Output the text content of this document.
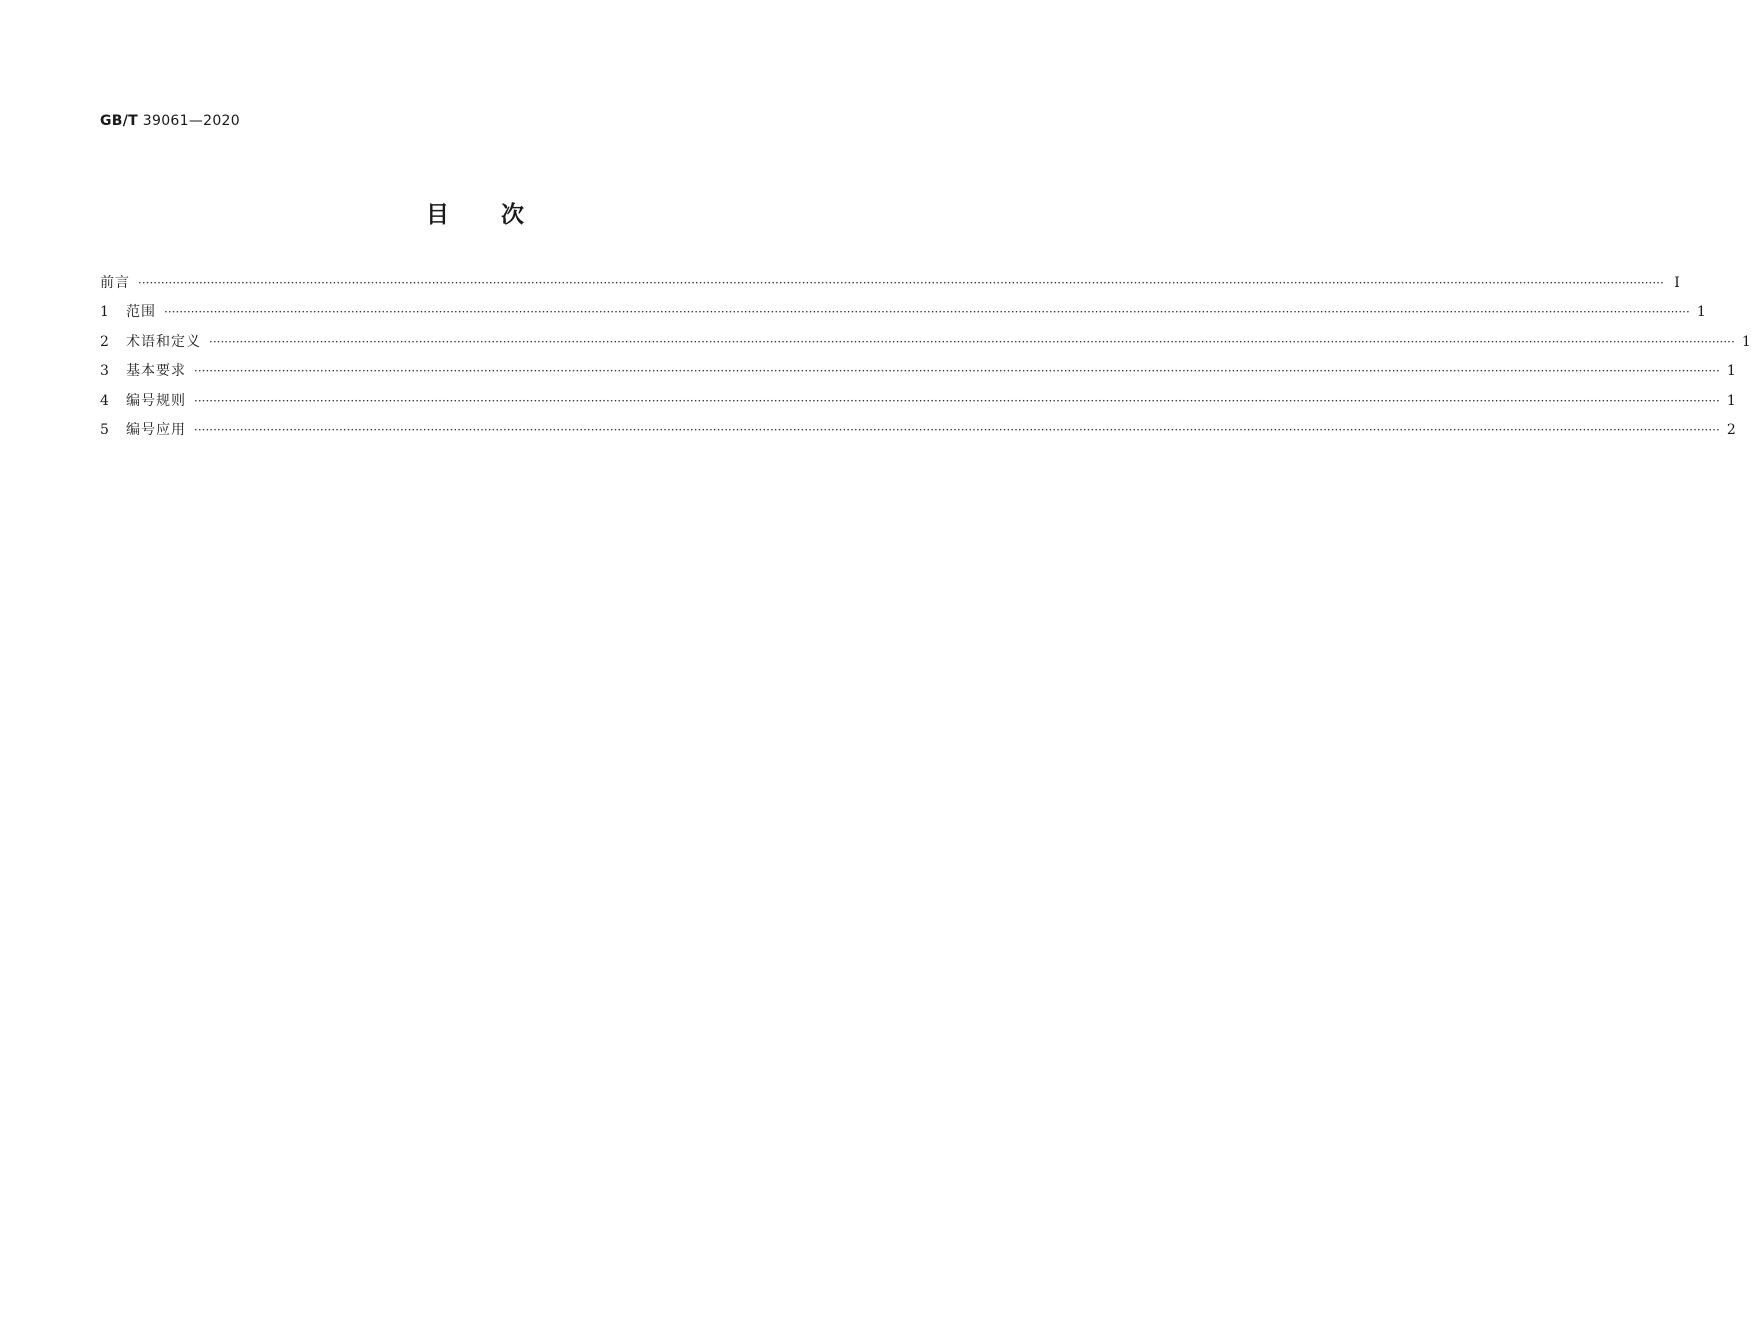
GB/T 39061—2020
目次
前言 ················································································································································································································································································································································································································ Ⅰ
1	范围 ················································································································································································································································································································································································································ 1
2	术语和定义 ················································································································································································································································································································································································································ 1
3	基本要求 ················································································································································································································································································································································································································ 1
4	编号规则 ················································································································································································································································································································································································································ 1
5	编号应用 ················································································································································································································································································································································································································ 2
